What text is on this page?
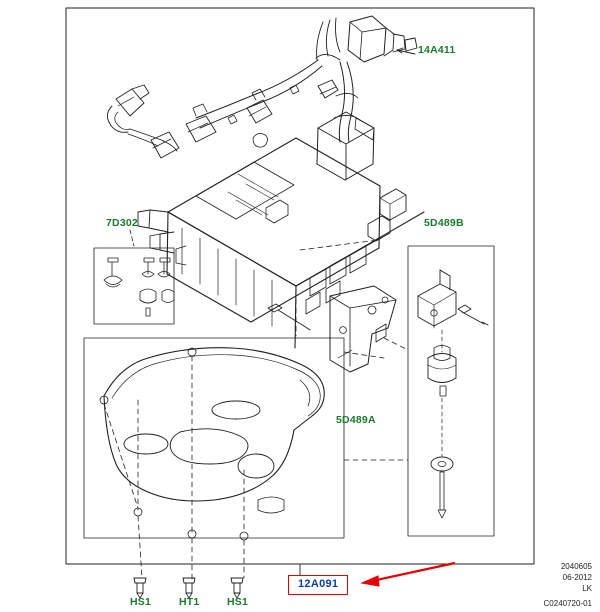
14A411
7D302	5D489B
5D489A
HS1	HT1	HS1
12A091
2040605
06-2012
LK
C0240720-01
